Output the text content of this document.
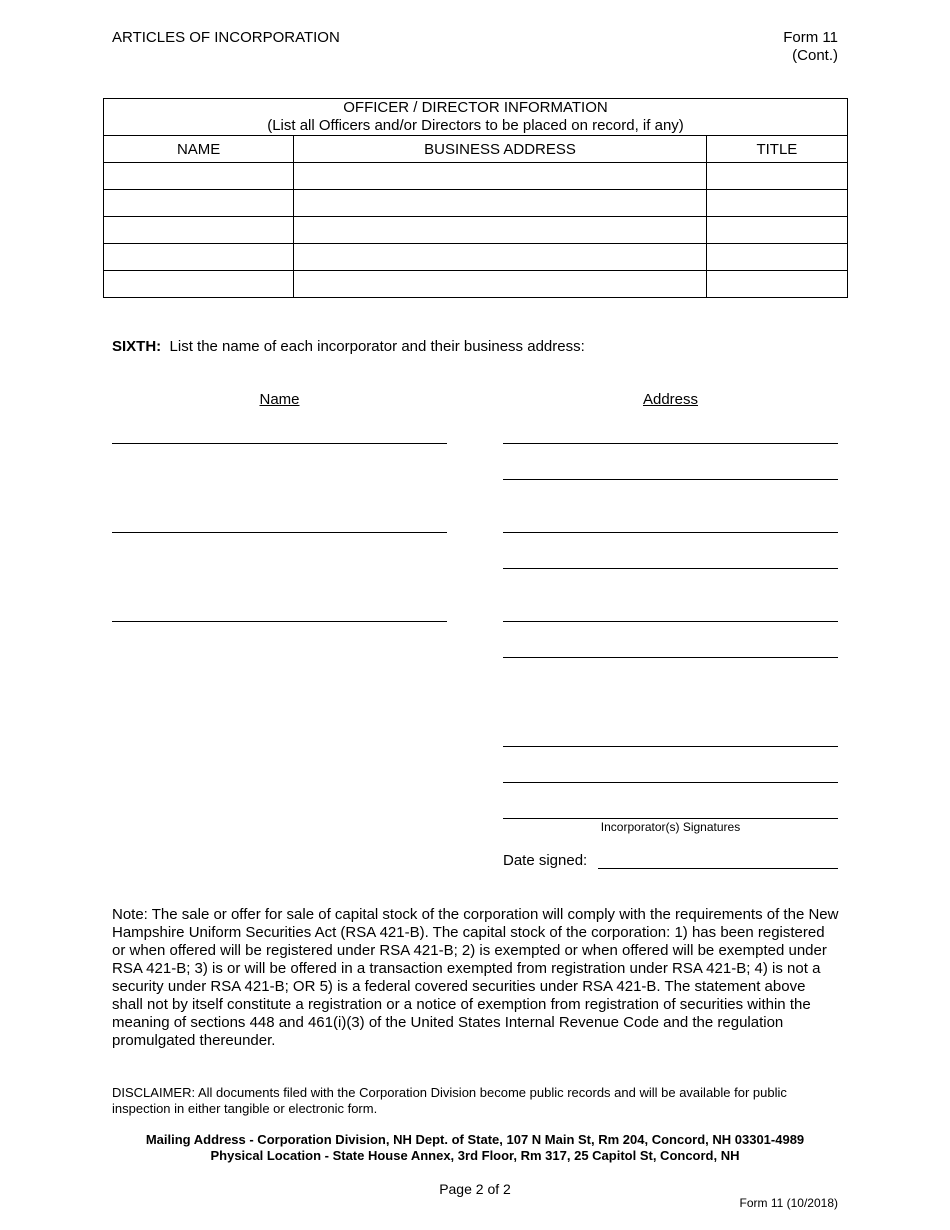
ARTICLES OF INCORPORATION	Form 11
(Cont.)
OFFICER / DIRECTOR INFORMATION
(List all Officers and/or Directors to be placed on record, if any)		

NAME	BUSINESS ADDRESS	TITLE

SIXTH: List the name of each incorporator and their business address:
Name	Address
Incorporator(s) Signatures
Date signed:
Note: The sale or offer for sale of capital stock of the corporation will comply with the requirements of the New Hampshire Uniform Securities Act (RSA 421-B). The capital stock of the corporation: 1) has been registered or when offered will be registered under RSA 421-B; 2) is exempted or when offered will be exempted under RSA 421-B; 3) is or will be offered in a transaction exempted from registration under RSA 421-B; 4) is not a security under RSA 421-B; OR 5) is a federal covered securities under RSA 421-B. The statement above shall not by itself constitute a registration or a notice of exemption from registration of securities within the meaning of sections 448 and 461(i)(3) of the United States Internal Revenue Code and the regulation promulgated thereunder.
DISCLAIMER: All documents filed with the Corporation Division become public records and will be available for public inspection in either tangible or electronic form.
Mailing Address - Corporation Division, NH Dept. of State, 107 N Main St, Rm 204, Concord, NH 03301-4989
Physical Location - State House Annex, 3rd Floor, Rm 317, 25 Capitol St, Concord, NH
Page 2 of 2
Form 11 (10/2018)
